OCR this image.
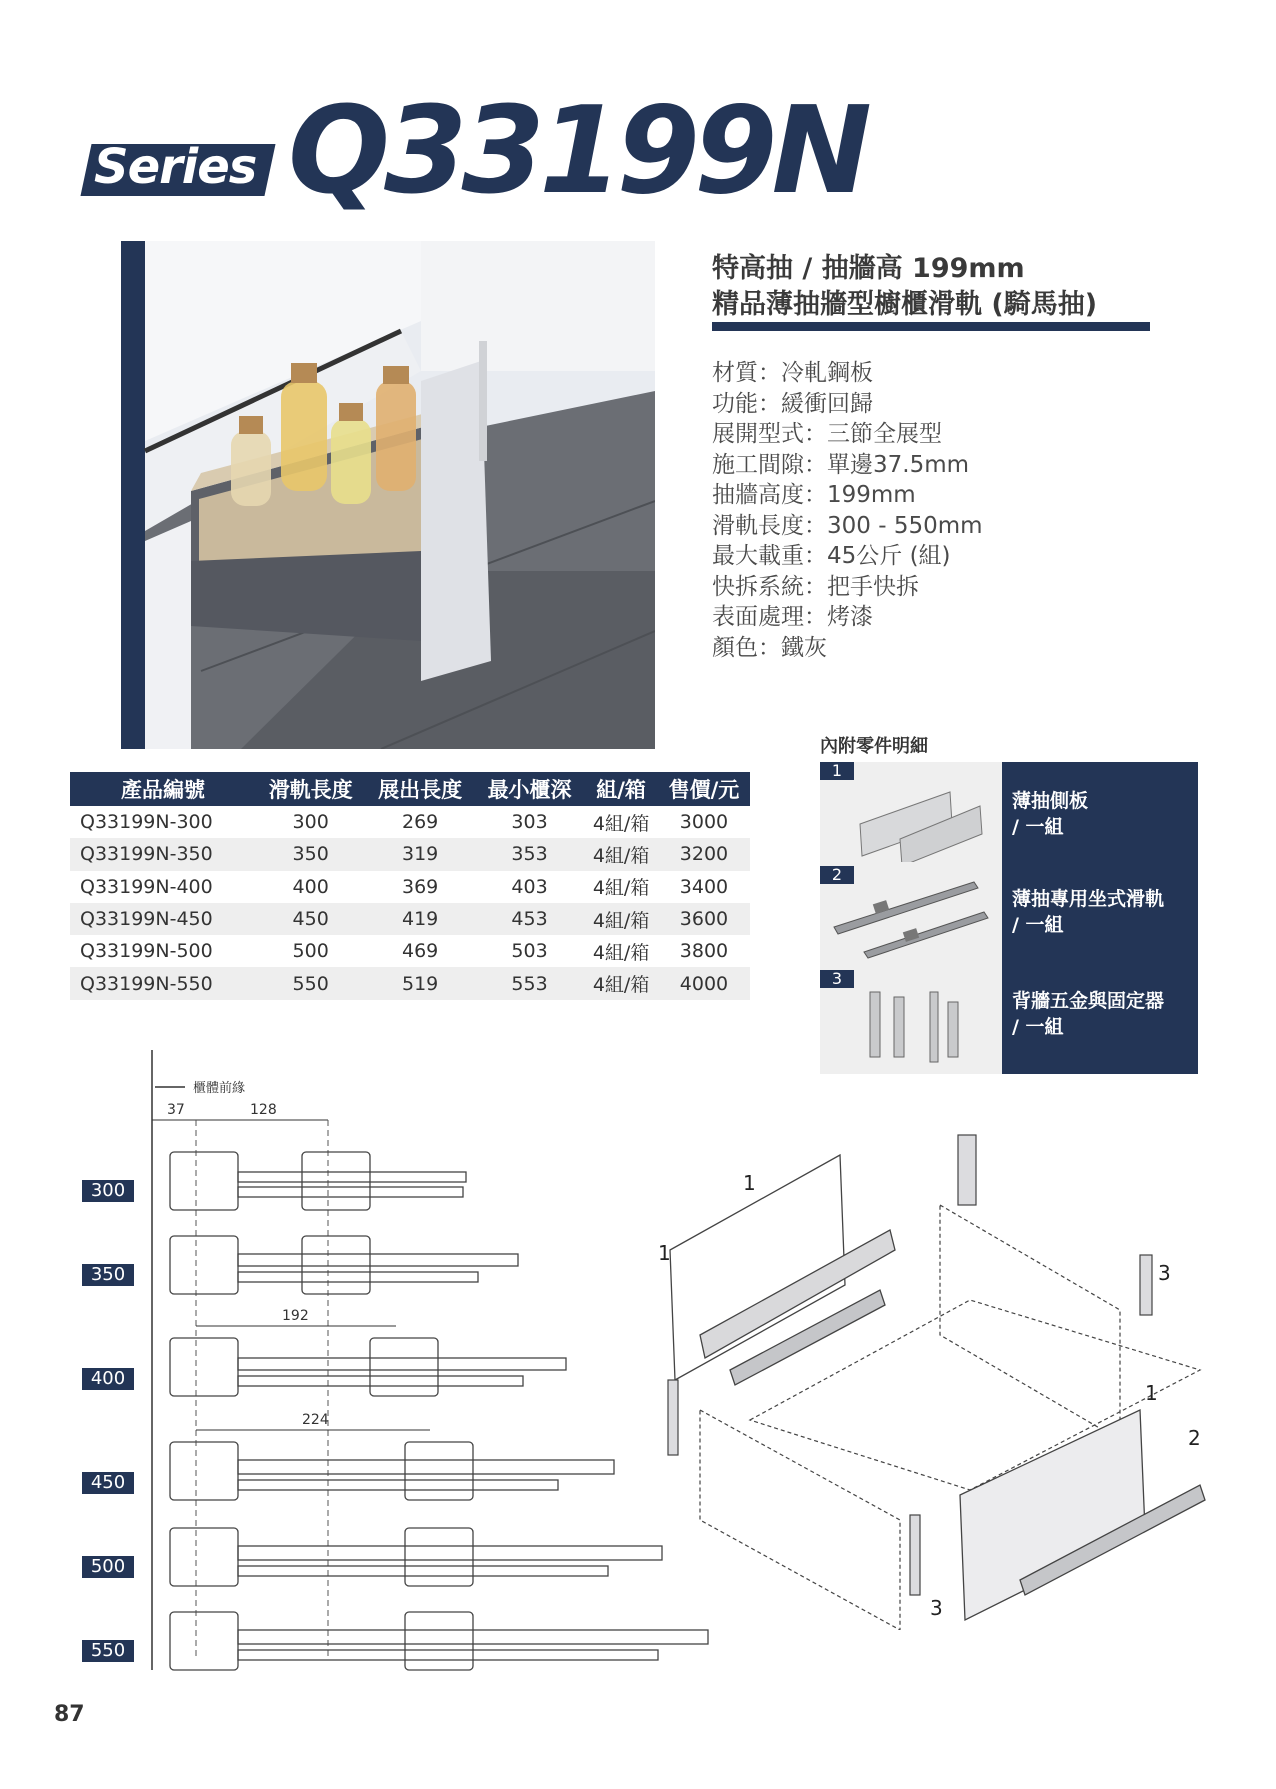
Series Q33199N
特高抽 / 抽牆高 199mm
精品薄抽牆型櫥櫃滑軌 (騎馬抽)
材質：冷軋鋼板
功能：緩衝回歸
展開型式：三節全展型
施工間隙：單邊37.5mm
抽牆高度：199mm
滑軌長度：300 - 550mm
最大載重：45公斤 (組)
快拆系統：把手快拆
表面處理：烤漆
顏色：鐵灰
產品編號	滑軌長度	展出長度	最小櫃深	組/箱	售價/元
Q33199N-300	300	269	303	4組/箱	3000
Q33199N-350	350	319	353	4組/箱	3200
Q33199N-400	400	369	403	4組/箱	3400
Q33199N-450	450	419	453	4組/箱	3600
Q33199N-500	500	469	503	4組/箱	3800
Q33199N-550	550	519	553	4組/箱	4000
內附零件明細
1
2
3
薄抽側板
/ 一組
薄抽專用坐式滑軌
/ 一組
背牆五金與固定器
/ 一組
櫃體前緣
37	128
192
224
300
350
400
450
500
550
1
1
3
1
2
3
87
